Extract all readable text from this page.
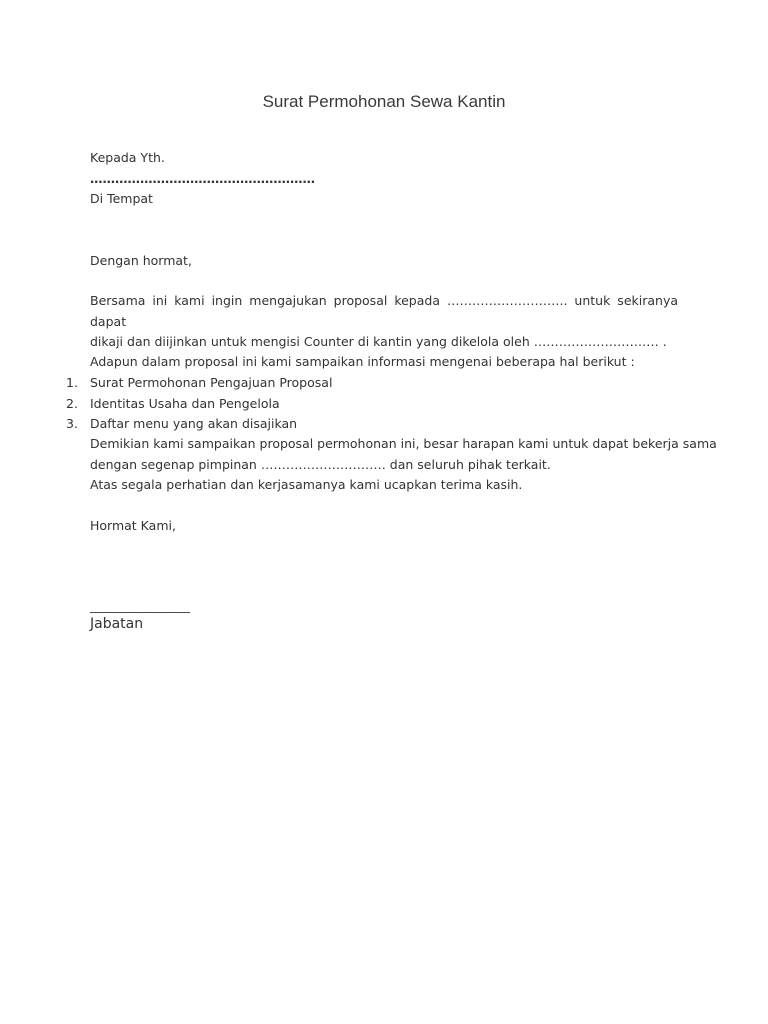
Surat Permohonan Sewa Kantin
Kepada Yth.
………………………………………………
Di Tempat
Dengan hormat,
Bersama ini kami ingin mengajukan proposal kepada ……………………….. untuk sekiranya dapat
dikaji dan diijinkan untuk mengisi Counter di kantin yang dikelola oleh ………………………… .
Adapun dalam proposal ini kami sampaikan informasi mengenai beberapa hal berikut :
1. Surat Permohonan Pengajuan Proposal
2. Identitas Usaha dan Pengelola
3. Daftar menu yang akan disajikan
Demikian kami sampaikan proposal permohonan ini, besar harapan kami untuk dapat bekerja sama
dengan segenap pimpinan ………………………… dan seluruh pihak terkait.
Atas segala perhatian dan kerjasamanya kami ucapkan terima kasih.
Hormat Kami,
________________
Jabatan
